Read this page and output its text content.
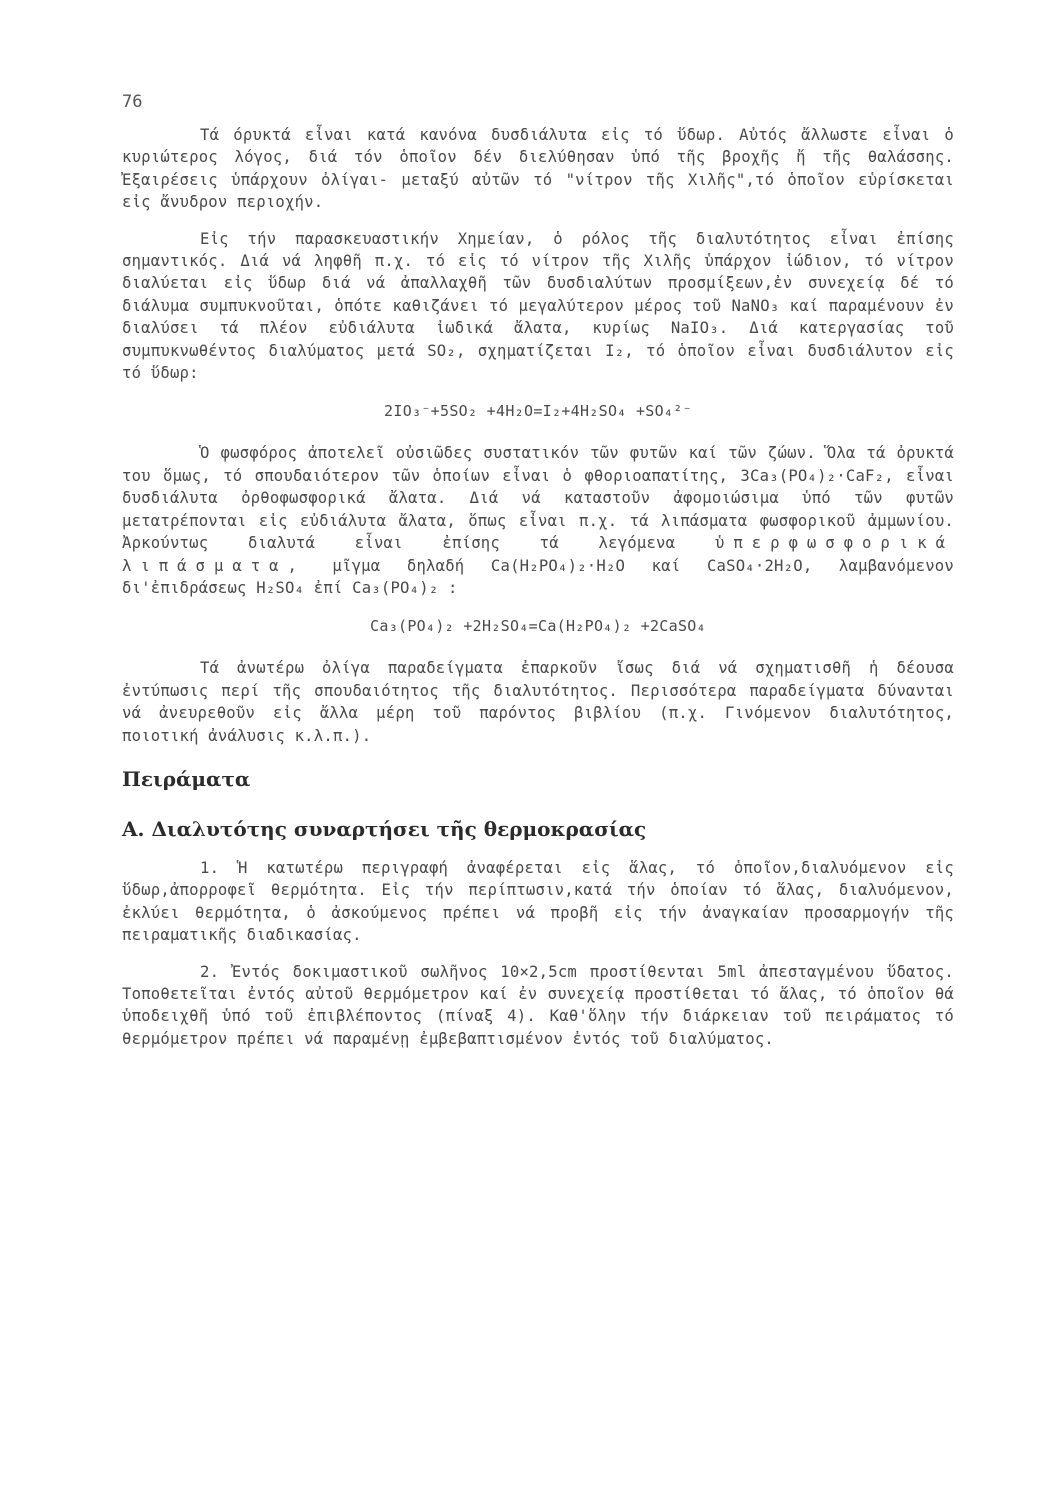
76

Τά όρυκτά εἶναι κατά κανόνα δυσδιάλυτα εἰς τό ὕδωρ. Αὐτός ἄλλωστε εἶναι ὁ κυριώτερος λόγος, διά τόν ὁποῖον δέν διελύθησαν ὑπό τῆς βροχῆς ἤ τῆς θαλάσσης. Ἐξαιρέσεις ὑπάρχουν ὀλίγαι- μεταξύ αὐτῶν τό "νίτρον τῆς Χιλῆς",τό ὁποῖον εὑρίσκεται εἰς ἄνυδρον περιοχήν.

Εἰς τήν παρασκευαστικήν Χημείαν, ὁ ρόλος τῆς διαλυτότητος εἶναι ἐπίσης σημαντικός. Διά νά ληφθῆ π.χ. τό εἰς τό νίτρον τῆς Χιλῆς ὑπάρχον ἰώδιον, τό νίτρον διαλύεται εἰς ὕδωρ διά νά ἀπαλλαχθῆ τῶν δυσδιαλύτων προσμίξεων,ἐν συνεχείᾳ δέ τό διάλυμα συμπυκνοῦται, ὁπότε καθιζάνει τό μεγαλύτερον μέρος τοῦ NaNO₃ καί παραμένουν ἐν διαλύσει τά πλέον εὐδιάλυτα ἰωδικά ἄλατα, κυρίως NaIO₃. Διά κατεργασίας τοῦ συμπυκνωθέντος διαλύματος μετά SO₂, σχηματίζεται I₂, τό ὁποῖον εἶναι δυσδιάλυτον εἰς τό ὕδωρ:

2IO₃⁻+5SO₂ +4H₂O=I₂+4H₂SO₄ +SO₄²⁻

Ὁ φωσφόρος ἀποτελεῖ οὐσιῶδες συστατικόν τῶν φυτῶν καί τῶν ζώων. Ὅλα τά ὀρυκτά του ὅμως, τό σπουδαιότερον τῶν ὁποίων εἶναι ὁ φθοριοαπατίτης, 3Ca₃(PO₄)₂·CaF₂, εἶναι δυσδιάλυτα ὀρθοφωσφορικά ἄλατα. Διά νά καταστοῦν ἀφομοιώσιμα ὑπό τῶν φυτῶν μετατρέπονται εἰς εὐδιάλυτα ἄλατα, ὅπως εἶναι π.χ. τά λιπάσματα φωσφορικοῦ ἀμμωνίου. Ἀρκούντως διαλυτά εἶναι ἐπίσης τά λεγόμενα	ὑπερφωσφορικά λιπάσματα, μῖγμα δηλαδή Ca(H₂PO₄)₂·H₂O καί CaSO₄·2H₂O, λαμβανόμενον δι'ἐπιδράσεως H₂SO₄ ἐπί Ca₃(PO₄)₂ :

Ca₃(PO₄)₂ +2H₂SO₄=Ca(H₂PO₄)₂ +2CaSO₄

Τά ἀνωτέρω ὀλίγα παραδείγματα ἐπαρκοῦν ἴσως διά νά σχηματισθῆ ἡ δέουσα ἐντύπωσις περί τῆς σπουδαιότητος τῆς διαλυτότητος. Περισσότερα παραδείγματα δύνανται νά ἀνευρεθοῦν εἰς ἄλλα μέρη τοῦ παρόντος βιβλίου (π.χ. Γινόμενον διαλυτότητος, ποιοτική ἀνάλυσις κ.λ.π.).

Πειράματα
Α. Διαλυτότης συναρτήσει τῆς θερμοκρασίας

1. Ἡ κατωτέρω περιγραφή ἀναφέρεται εἰς ἅλας, τό ὁποῖον,διαλυόμενον εἰς ὕδωρ,ἀπορροφεῖ θερμότητα. Εἰς τήν περίπτωσιν,κατά τήν ὁποίαν τό ἅλας, διαλυόμενον, ἐκλύει θερμότητα, ὁ ἀσκούμενος πρέπει νά προβῆ εἰς τήν ἀναγκαίαν προσαρμογήν τῆς πειραματικῆς διαδικασίας.

2. Ἐντός δοκιμαστικοῦ σωλῆνος 10×2,5cm προστίθενται 5ml ἀπεσταγμένου ὕδατος. Τοποθετεῖται ἐντός αὐτοῦ θερμόμετρον καί ἐν συνεχείᾳ προστίθεται τό ἅλας, τό ὁποῖον θά ὑποδειχθῆ ὑπό τοῦ ἐπιβλέποντος (πίναξ 4). Καθ'ὅλην τήν διάρκειαν τοῦ πειράματος τό θερμόμετρον πρέπει νά παραμένῃ ἐμβεβαπτισμένον ἐντός τοῦ διαλύματος.
